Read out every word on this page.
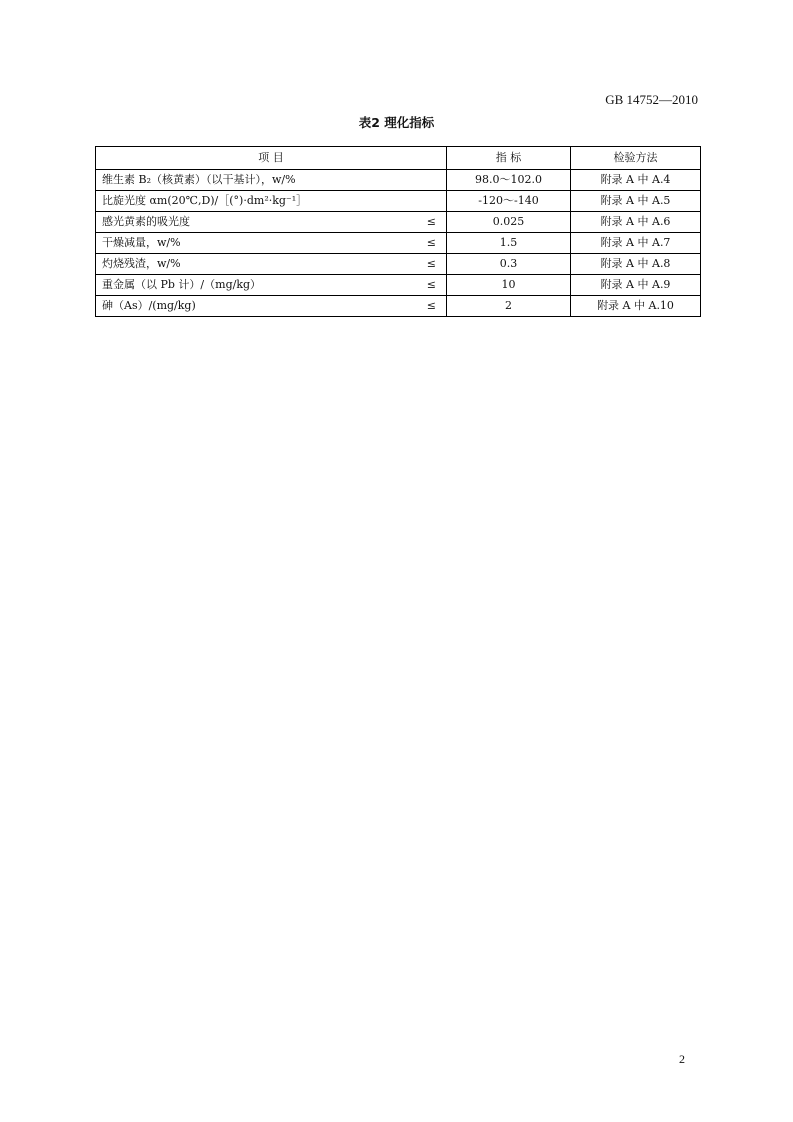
GB 14752—2010
表2 理化指标
项 目	指 标	检验方法
维生素 B₂（核黄素）（以干基计），w/%	98.0～102.0	附录 A 中 A.4
比旋光度 αm(20℃,D)/［(°)·dm²·kg⁻¹］	-120～-140	附录 A 中 A.5
感光黄素的吸光度 ≤	0.025	附录 A 中 A.6
干燥减量，w/% ≤	1.5	附录 A 中 A.7
灼烧残渣，w/% ≤	0.3	附录 A 中 A.8
重金属（以 Pb 计）/（mg/kg） ≤	10	附录 A 中 A.9
砷（As）/(mg/kg) ≤	2	附录 A 中 A.10
2
